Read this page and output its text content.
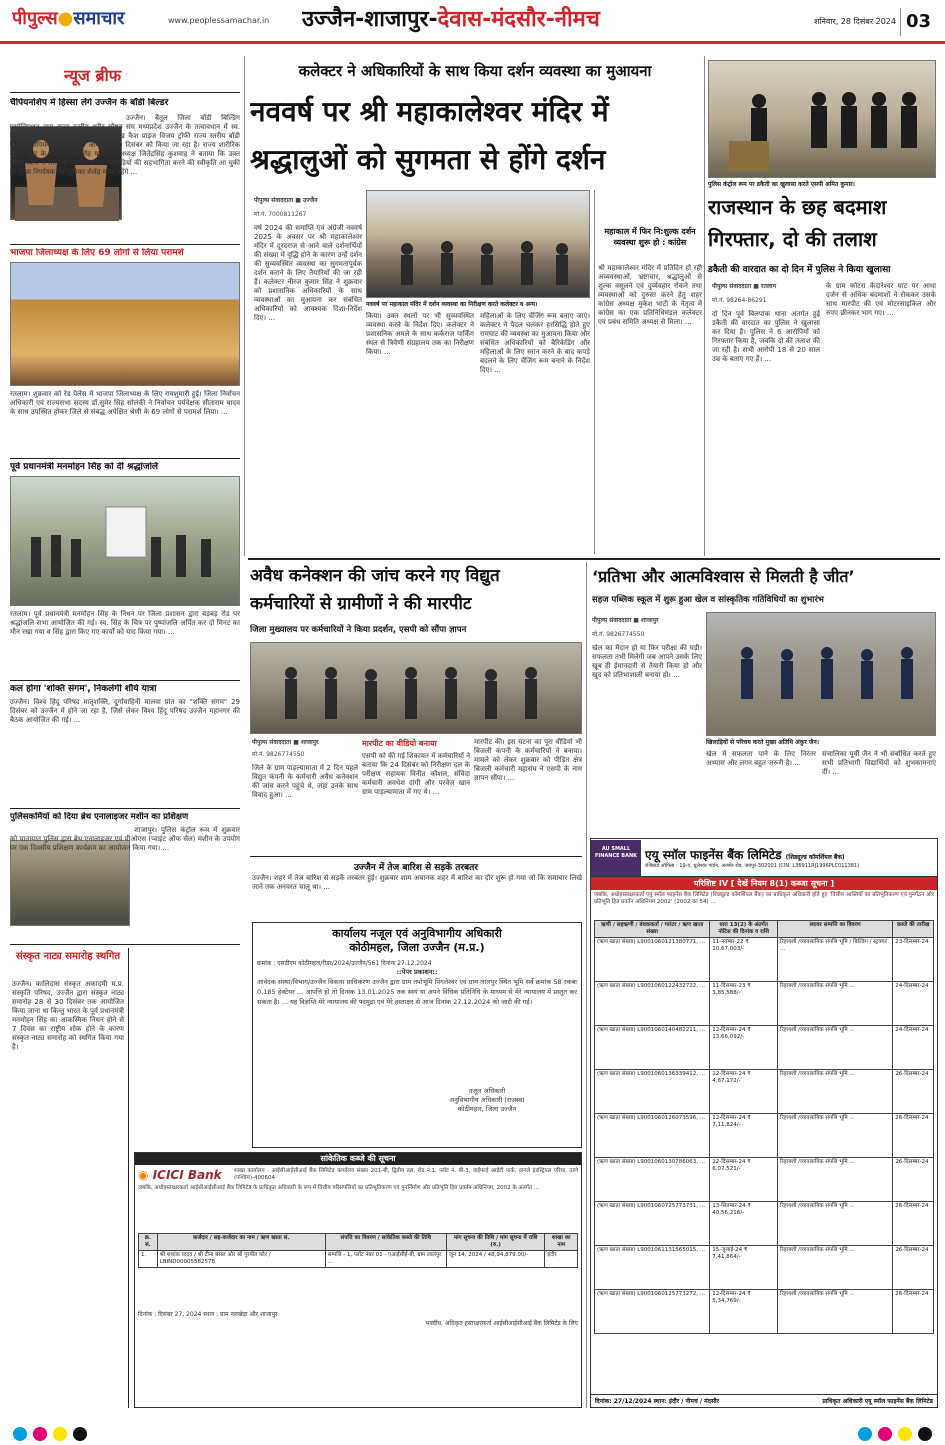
पीपुल्स●समाचार	www.peoplessamachar.in	उज्जैन-शाजापुर-देवास-मंदसौर-नीमच	शनिवार, 28 दिसंबर 2024 03
न्यूज ब्रीफ
चैंपियनशिप में हिस्सा लेंगे उज्जैन के बॉडी बिल्डर
उज्जैन। बैतूल जिला बॉडी बिल्डिंग एसोसिएशन द्वारा राज्य स्तरीय शरीर सौष्ठव संघ मध्यप्रदेश उज्जैन के तत्वावधान में स्व. विजयकुमार खंडेलवाल की स्मृति में 2 लाख कैश प्राइज विजय ट्रॉफी राज्य स्तरीय बॉडी बिल्डिंग चैंपियनशिप का भव्य आयोजन 29 दिसंबर को किया जा रहा है। राज्य शारीरिक सौष्ठव संघ के चेयरमैन प्रेमसिंह यादव व अध्यक्ष जितेंद्रसिंह कुशवाह ने बताया कि उक्त चैंपियनशिप में राज्य के लगभग 190 खिलाड़ियों की सहभागिता करने की स्वीकृति आ चुकी है। मुख्य निर्णायक की भूमिका शैलेंद्र व्यास रहेंगे ...
भाजपा जिलाध्यक्ष के लिए 69 लोगों से लिया परामर्श
रतलाम। शुक्रवार को रेड पैलेस में भाजपा जिलाध्यक्ष के लिए रायशुमारी हुई। जिला निर्वाचन अधिकारी एवं राज्यसभा सदस्य डॉ.सुमेर सिंह सोलंकी ने निर्वाचन पर्यवेक्षक सीताराम यादव के साथ उपस्थित होकर जिले से संबद्ध अपेक्षित श्रेणी के 69 लोगों से परामर्श लिया। ...
पूर्व प्रधानमंत्री मनमोहन सिंह को दी श्रद्धांजलि
रतलाम। पूर्व प्रधानमंत्री मनमोहन सिंह के निधन पर जिला प्रशासन द्वारा बड़बड़ रोड पर श्रद्धांजलि सभा आयोजित की गई। स्व. सिंह के चित्र पर पुष्पांजलि अर्पित कर दो मिनट का मौन रखा गया व सिंह द्वारा किए गए कार्यों को याद किया गया। ...
कल होगा 'शक्ति संगम', निकलेगी शौर्य यात्रा
उज्जैन। विश्व हिंदू परिषद मातृशक्ति, दुर्गावाहिनी मालवा प्रांत का "शक्ति संगम" 29 दिसंबर को उज्जैन में होने जा रहा है, जिसे लेकर विश्व हिंदू परिषद उज्जैन महानगर की बैठक आयोजित की गई। ...
पुलिसकर्मियों को दिया ब्रेथ एनालाइजर मशीन का प्रशिक्षण
शाजापुर। पुलिस कंट्रोल रूम में शुक्रवार को यातायात पुलिस द्वारा ब्रेथ एनालाइजर एवं पीओएस (प्वाइंट ऑफ सेल) मशीन के उपयोग पर एक दिवसीय प्रशिक्षण कार्यक्रम का आयोजन किया गया। ...
संस्कृत नाट्य समारोह स्थगित
उज्जैन। कालिदास संस्कृत अकादमी म.प्र. संस्कृति परिषद, उज्जैन द्वारा संस्कृत नाट्य समारोह 28 से 30 दिसंबर तक आयोजित किया जाना था किन्तु भारत के पूर्व प्रधानमंत्री मनमोहन सिंह का आकस्मिक निधन होने से 7 दिवस का राष्ट्रीय शोक होने के कारण संस्कृत नाट्य समारोह को स्थगित किया गया है।
कलेक्टर ने अधिकारियों के साथ किया दर्शन व्यवस्था का मुआयना
नववर्ष पर श्री महाकालेश्वर मंदिर में
श्रद्धालुओं को सुगमता से होंगे दर्शन
पीपुल्स संवाददाता ■ उज्जैन
मो.नं. 7000811267
वर्ष 2024 की समाप्ति एवं अंग्रेजी नववर्ष 2025 के अवसर पर श्री महाकालेश्वर मंदिर में दूरदराज से आने वाले दर्शनार्थियों की संख्या में वृद्धि होने के कारण उन्हें दर्शन की सुव्यवस्थित व्यवस्था का सुगमतापूर्वक दर्शन कराने के लिए तैयारियों की जा रही हैं। कलेक्टर नीरज कुमार सिंह ने शुक्रवार को प्रशासनिक अधिकारियों के साथ व्यवस्थाओं का मुआयना कर संबंधित अधिकारियों को आवश्यक दिशा-निर्देश दिए। ...
नववर्ष पर महाकाल मंदिर में दर्शन व्यवस्था का निरीक्षण करते कलेक्टर व अन्य।
किया। उक्त स्थलों पर भी सुव्यवस्थित व्यवस्था करने के निर्देश दिए। कलेक्टर ने प्रशासनिक अमले के साथ कर्कराज पार्किंग स्थल से त्रिवेणी संग्रहालय तक का निरीक्षण किया। ...
महिलाओं के लिए चेंजिंग रूम बनाए जाएं। कलेक्टर ने पैदल चलकर हरसिद्धि होते हुए रामघाट की व्यवस्था का मुआयना किया और संबंधित अधिकारियों को बैरिकेडिंग और महिलाओं के लिए स्नान करने के बाद कपड़े बदलने के लिए चेंजिंग रूम बनाने के निर्देश दिए। ...
महाकाल में फिर नि:शुल्क दर्शन व्यवस्था शुरू हो : कांग्रेस
श्री महाकालेश्वर मंदिर में प्रतिदिन हो रही अव्यवस्थाओं, भ्रष्टाचार, श्रद्धालुओं से शुल्क वसूलने एवं दुर्व्यवहार रोकने तथा व्यवस्थाओं को दुरुस्त करने हेतु शहर कांग्रेस अध्यक्ष मुकेश भाटी के नेतृत्व में कांग्रेस का एक प्रतिनिधिमंडल कलेक्टर एवं प्रबंध समिति अध्यक्ष से मिला। ...
पुलिस कंट्रोल रूम पर डकैती का खुलासा करते एसपी अमित कुमार।
राजस्थान के छह बदमाश
गिरफ्तार, दो की तलाश
डकैती की वारदात का दो दिन में पुलिस ने किया खुलासा
पीपुल्स संवाददाता ■ रतलाम
मो.नं. 98264-86291
दो दिन पूर्व बिलपांक थाना अंतर्गत हुई डकैती की वारदात का पुलिस ने खुलासा कर दिया है। पुलिस ने 6 आरोपियों को गिरफ्तार किया है, जबकि दो की तलाश की जा रही है। सभी आरोपी 18 से 20 साल उम्र के बताए गए हैं। ...
के ग्राम कोटरा केदारेश्वर घाट पर आधा दर्जन से अधिक बदमाशों ने रोककर उसके साथ मारपीट की एवं मोटरसाइकिल और रुपए छीनकर भाग गए। ...
अवैध कनेक्शन की जांच करने गए विद्युत
कर्मचारियों से ग्रामीणों ने की मारपीट
जिला मुख्यालय पर कर्मचारियों ने किया प्रदर्शन, एसपी को सौंपा ज्ञापन
पीपुल्स संवाददाता ■ शाजापुर
मो.नं. 9826774550
जिले के ग्राम पाड़ल्यामाता में 2 दिन पहले विद्युत कंपनी के कर्मचारी अवैध कनेक्शन की जांच करने पहुंचे थे, जहां उनके साथ विवाद हुआ। ...
मारपीट का वीडियो बनाया
एसपी को की गई शिकायत में कर्मचारियों ने बताया कि 24 दिसंबर को निरीक्षण दल के परीक्षण सहायक विनीत कौशल, संविदा कर्मचारी अवधेश दांगी और परवेज खान ग्राम पाड़ल्यामाता में गए थे। ...
मारपीट की। इस घटना का पूरा वीडियो भी बिजली कंपनी के कर्मचारियों ने बनाया। मामले को लेकर शुक्रवार को पीड़ित क्षेत्र बिजली कर्मचारी महासंघ ने एसपी के नाम ज्ञापन सौंपा। ...
उज्जैन में तेज बारिश से सड़कें तरबतर
उज्जैन। शहर में तेज बारिश से सड़कें तरबतर हुई। शुक्रवार शाम अचानक शहर में बारिश का दौर शुरू हो गया जो कि समाचार लिखे जाने तक अनवरत चालू था। ...
कार्यालय नजूल एवं अनुविभागीय अधिकारी
कोठीमहल, जिला उज्जैन (म.प्र.)
क्रमांक : एसडीएम कोठीमहल/रीडर/2024/उज्जैन/561 दिनांक 27.12.2024
::पेपर प्रकाशन::
आवेदक संस्था/विभाग/उज्जैन विकास प्राधिकरण उज्जैन द्वारा ग्राम तपोभूमि पिंगलेश्वर एवं ग्राम लालपुर स्थित भूमि सर्वे क्रमांक 58 रकबा 0.185 हेक्टेयर ... आपत्ति हो तो दिनांक 13.01.2025 तक स्वयं या अपने विधिक प्रतिनिधि के माध्यम से मेरे न्यायालय में प्रस्तुत कर सकता है। ... यह विज्ञप्ति मेरे न्यायालय की पदमुद्रा एवं मेरे हस्ताक्षर से आज दिनांक 27.12.2024 को जारी की गई।
नजूल अधिकारी
अनुविभागीय अधिकारी (राजस्व)
कोठीमहल, जिला उज्जैन
सांकेतिक कब्जे की सूचना
◉ ICICI Bank	शाखा कार्यालय : आईसीआईसीआई बैंक लिमिटेड कार्यालय संख्या 201-बी, द्वितीय तल, रोड नं.1, प्लॉट नं. बी-3, वाईफाई आईटी पार्क, वागले इंडस्ट्रियल एरिया, ठाणे (पश्चिम)-400604
जबकि, अधोहस्ताक्षरकर्ता आईसीआईसीआई बैंक लिमिटेड के प्राधिकृत अधिकारी के रूप में वित्तीय परिसंपत्तियों का प्रतिभूतिकरण एवं पुनर्निर्माण और प्रतिभूति हित प्रवर्तन अधिनियम, 2002 के अंतर्गत ...
क्र. सं.	कर्जदार / सह-कर्जदार का नाम / ऋण खाता सं.	संपत्ति का विवरण / सांकेतिक कब्जे की तिथि	मांग सूचना की तिथि / मांग सूचना में राशि (रु.)	शाखा का नाम
1.	श्री शशांक यादव / श्री टीना बंसल और श्री गुरमीत कौर / LBIND00005582578	सम्पत्ति - 1, प्लॉट नंबर 01 - एआईसीई-बी, ग्राम लालपुर ...	जून 14, 2024 / 48,94,879.00/-	इंदौर
दिनांक : दिसंबर 27, 2024 स्थान : ग्राम नलखेड़ा और शाजापुर
भवदीय, अधिकृत हस्ताक्षरकर्ता आईसीआईसीआई बैंक लिमिटेड के लिए
‘प्रतिभा और आत्मविश्वास से मिलती है जीत’
सहज पब्लिक स्कूल में शुरू हुआ खेल व सांस्कृतिक गतिविधियों का शुभारंभ
पीपुल्स संवाददाता ■ शाजापुर
मो.नं. 9826774550
खेल का मैदान हो या फिर परीक्षा की घड़ी। सफलता तभी मिलेगी जब आपने उसके लिए खूब ही ईमानदारी से तैयारी किया हो और खुद को प्रतिभाशाली बनाया हो। ...
खिलाड़ियों से परिचय करते मुख्य अतिथि अंकुर जैन।
खेल में सफलता पाने के लिए निरंतर अभ्यास और लगन बहुत जरूरी है। ...
संचालिका पूर्वी जैन ने भी संबोधित करते हुए सभी प्रतिभागी विद्यार्थियों को शुभकामनाएं दीं। ...
AU SMALL FINANCE BANK एयू स्मॉल फाइनेंस बैंक लिमिटेड (शिड्यूल्ड कॉमर्शियल बैंक)
रजिस्टर्ड ऑफिस : 19-ए, धूलेश्वर गार्डन, अजमेर रोड, जयपुर-302001 (CIN: L36911RJ1996PLC011381)
परिशिष्ट IV [ देखें नियम 8(1) कब्जा सूचना ]
जबकि, अधोहस्ताक्षरकर्ता एयू स्मॉल फाइनेंस बैंक लिमिटेड (शिड्यूल्ड कॉमर्शियल बैंक) का प्राधिकृत अधिकारी होते हुए 'वित्तीय आस्तियों का प्रतिभूतिकरण एवं पुनर्गठन और प्रतिभूति हित प्रवर्तन अधिनियम 2002' (2002 का 54) ...
ऋणी / सहऋणी / बंधककर्ता / गारंटर / ऋण खाता संख्या	धारा 13(2) के अंतर्गत नोटिस की दिनांक व राशि	स्थावर सम्पत्ति का विवरण	कब्जे की तारीख
(ऋण खाता संख्या) L9001060121380771, ...	11-नवम्बर-22 ₹ 10,67,003/-	रिहायशी /व्यावसायिक संपत्ति भूमि / बिल्डिंग / स्ट्रक्चर ...	23-दिसम्बर-24
(ऋण खाता संख्या) L9001060122432722, ...	11-दिसम्बर-23 ₹ 3,85,588/-	रिहायशी /व्यावसायिक संपत्ति भूमि ...	24-दिसम्बर-24
(ऋण खाता संख्या) L9001060140482211, ...	12-दिसम्बर-24 ₹ 13,66,092/-	रिहायशी /व्यावसायिक संपत्ति भूमि ...	24-दिसम्बर-24
(ऋण खाता संख्या) L9001060136339412, ...	12-दिसम्बर-24 ₹ 4,67,172/-	रिहायशी /व्यावसायिक संपत्ति भूमि ...	26-दिसम्बर-24
(ऋण खाता संख्या) L9001060126073596, ...	12-दिसम्बर-24 ₹ 7,11,824/-	रिहायशी /व्यावसायिक संपत्ति भूमि ...	26-दिसम्बर-24
(ऋण खाता संख्या) L9001060130786063, ...	12-दिसम्बर-24 ₹ 6,07,521/-	रिहायशी /व्यावसायिक संपत्ति भूमि ...	26-दिसम्बर-24
(ऋण खाता संख्या) L9001060725773731, ...	13-सितम्बर-24 ₹ 40,56,216/-	रिहायशी /व्यावसायिक संपत्ति भूमि ...	26-दिसम्बर-24
(ऋण खाता संख्या) L9001061131565015, ...	15-जुलाई-24 ₹ 7,41,864/-	रिहायशी /व्यावसायिक संपत्ति भूमि ...	26-दिसम्बर-24
(ऋण खाता संख्या) L9001060125773272, ...	12-दिसम्बर-24 ₹ 5,34,769/-	रिहायशी /व्यावसायिक संपत्ति भूमि ...	26-दिसम्बर-24
दिनांक: 27/12/2024 स्थान: इंदौर / नीमच / मंदसौर	प्राधिकृत अधिकारी एयू स्मॉल फाइनेंस बैंक लिमिटेड
